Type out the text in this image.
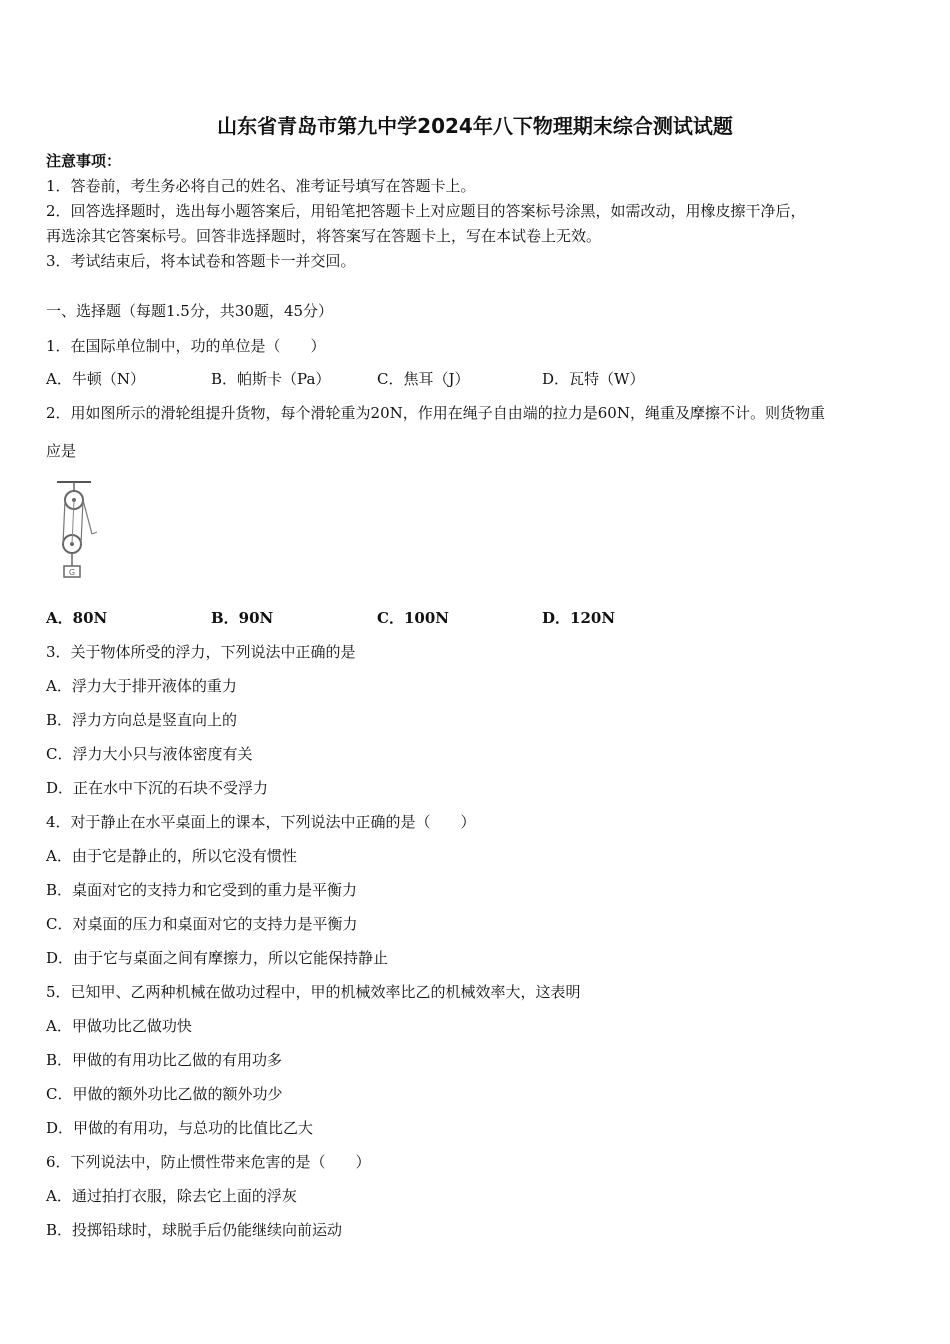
山东省青岛市第九中学2024年八下物理期末综合测试试题
注意事项：
1．答卷前，考生务必将自己的姓名、准考证号填写在答题卡上。
2．回答选择题时，选出每小题答案后，用铅笔把答题卡上对应题目的答案标号涂黑，如需改动，用橡皮擦干净后，
再选涂其它答案标号。回答非选择题时，将答案写在答题卡上，写在本试卷上无效。
3．考试结束后，将本试卷和答题卡一并交回。
一、选择题（每题1.5分，共30题，45分）
1．在国际单位制中，功的单位是（　　）
A．牛顿（N）	B．帕斯卡（Pa）	C．焦耳（J）	D．瓦特（W）
2．用如图所示的滑轮组提升货物，每个滑轮重为20N，作用在绳子自由端的拉力是60N，绳重及摩擦不计。则货物重
应是
G
A．80N	B．90N	C．100N	D．120N
3．关于物体所受的浮力，下列说法中正确的是
A．浮力大于排开液体的重力
B．浮力方向总是竖直向上的
C．浮力大小只与液体密度有关
D．正在水中下沉的石块不受浮力
4．对于静止在水平桌面上的课本，下列说法中正确的是（　　）
A．由于它是静止的，所以它没有惯性
B．桌面对它的支持力和它受到的重力是平衡力
C．对桌面的压力和桌面对它的支持力是平衡力
D．由于它与桌面之间有摩擦力，所以它能保持静止
5．已知甲、乙两种机械在做功过程中，甲的机械效率比乙的机械效率大，这表明
A．甲做功比乙做功快
B．甲做的有用功比乙做的有用功多
C．甲做的额外功比乙做的额外功少
D．甲做的有用功，与总功的比值比乙大
6．下列说法中，防止惯性带来危害的是（　　）
A．通过拍打衣服，除去它上面的浮灰
B．投掷铅球时，球脱手后仍能继续向前运动
